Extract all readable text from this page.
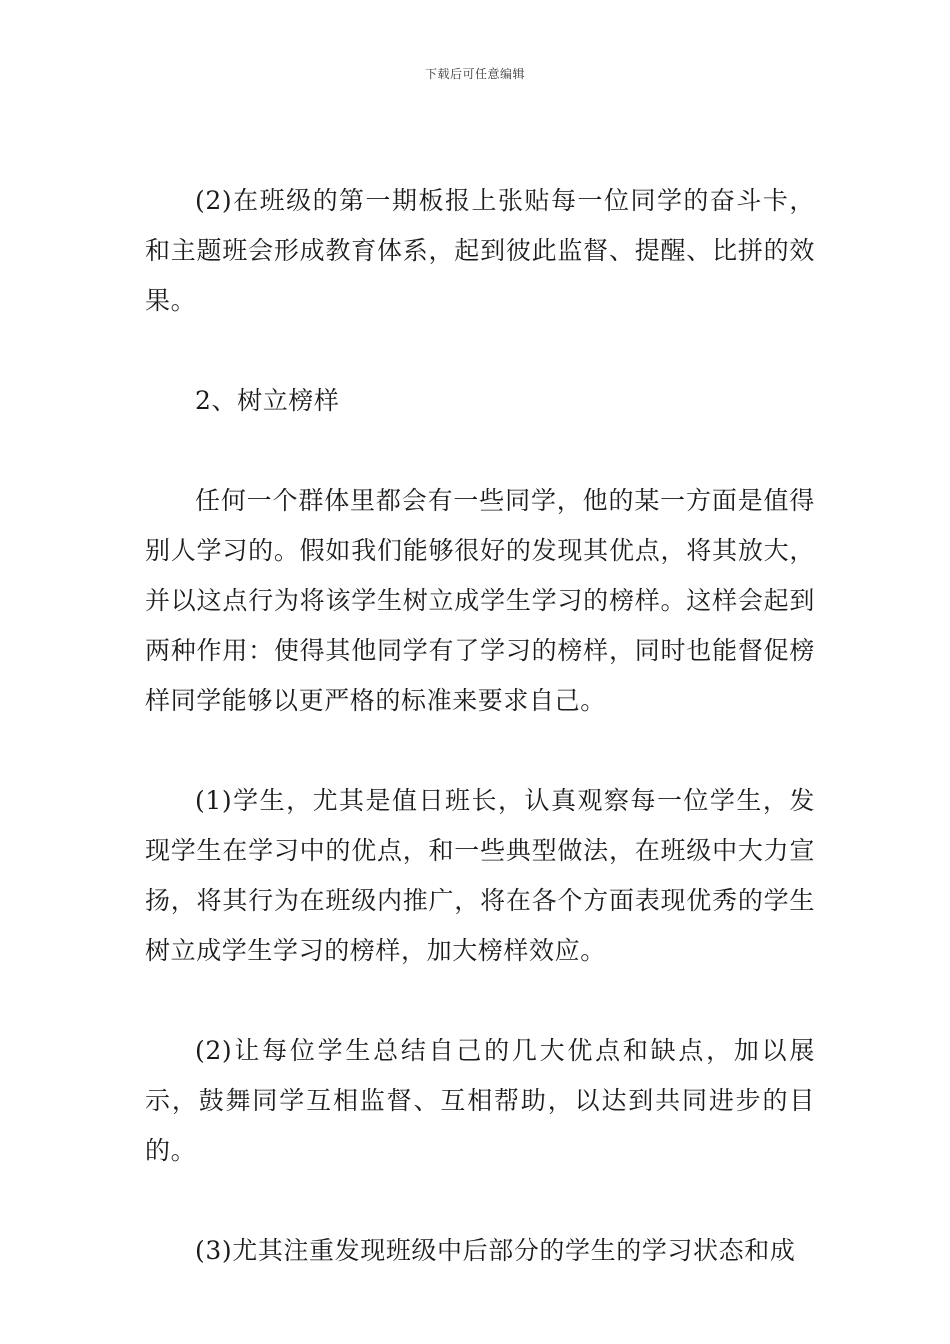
下载后可任意编辑

(2)在班级的第一期板报上张贴每一位同学的奋斗卡，和主题班会形成教育体系，起到彼此监督、提醒、比拼的效果。

2、树立榜样

任何一个群体里都会有一些同学，他的某一方面是值得别人学习的。假如我们能够很好的发现其优点，将其放大，并以这点行为将该学生树立成学生学习的榜样。这样会起到两种作用：使得其他同学有了学习的榜样，同时也能督促榜样同学能够以更严格的标准来要求自己。

(1)学生，尤其是值日班长，认真观察每一位学生，发现学生在学习中的优点，和一些典型做法，在班级中大力宣扬，将其行为在班级内推广，将在各个方面表现优秀的学生树立成学生学习的榜样，加大榜样效应。

(2)让每位学生总结自己的几大优点和缺点，加以展示，鼓舞同学互相监督、互相帮助，以达到共同进步的目的。

(3)尤其注重发现班级中后部分的学生的学习状态和成
